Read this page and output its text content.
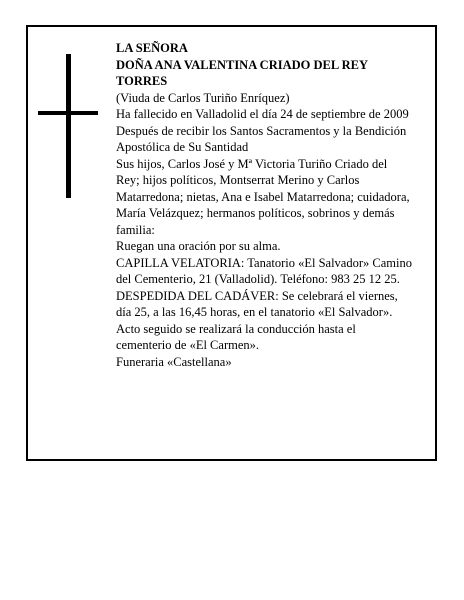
LA SEÑORA

DOÑA ANA VALENTINA CRIADO DEL REY TORRES

(Viuda de Carlos Turiño Enríquez)

Ha fallecido en Valladolid el día 24 de septiembre de 2009

Después de recibir los Santos Sacramentos y la Bendición Apostólica de Su Santidad

Sus hijos, Carlos José y Mª Victoria Turiño Criado del Rey; hijos políticos, Montserrat Merino y Carlos Matarredona; nietas, Ana e Isabel Matarredona; cuidadora, María Velázquez; hermanos políticos, sobrinos y demás familia:

Ruegan una oración por su alma.

CAPILLA VELATORIA: Tanatorio «El Salvador» Camino del Cementerio, 21 (Valladolid). Teléfono: 983 25 12 25.

DESPEDIDA DEL CADÁVER: Se celebrará el viernes, día 25, a las 16,45 horas, en el tanatorio «El Salvador». Acto seguido se realizará la conducción hasta el cementerio de «El Carmen».

Funeraria «Castellana»
